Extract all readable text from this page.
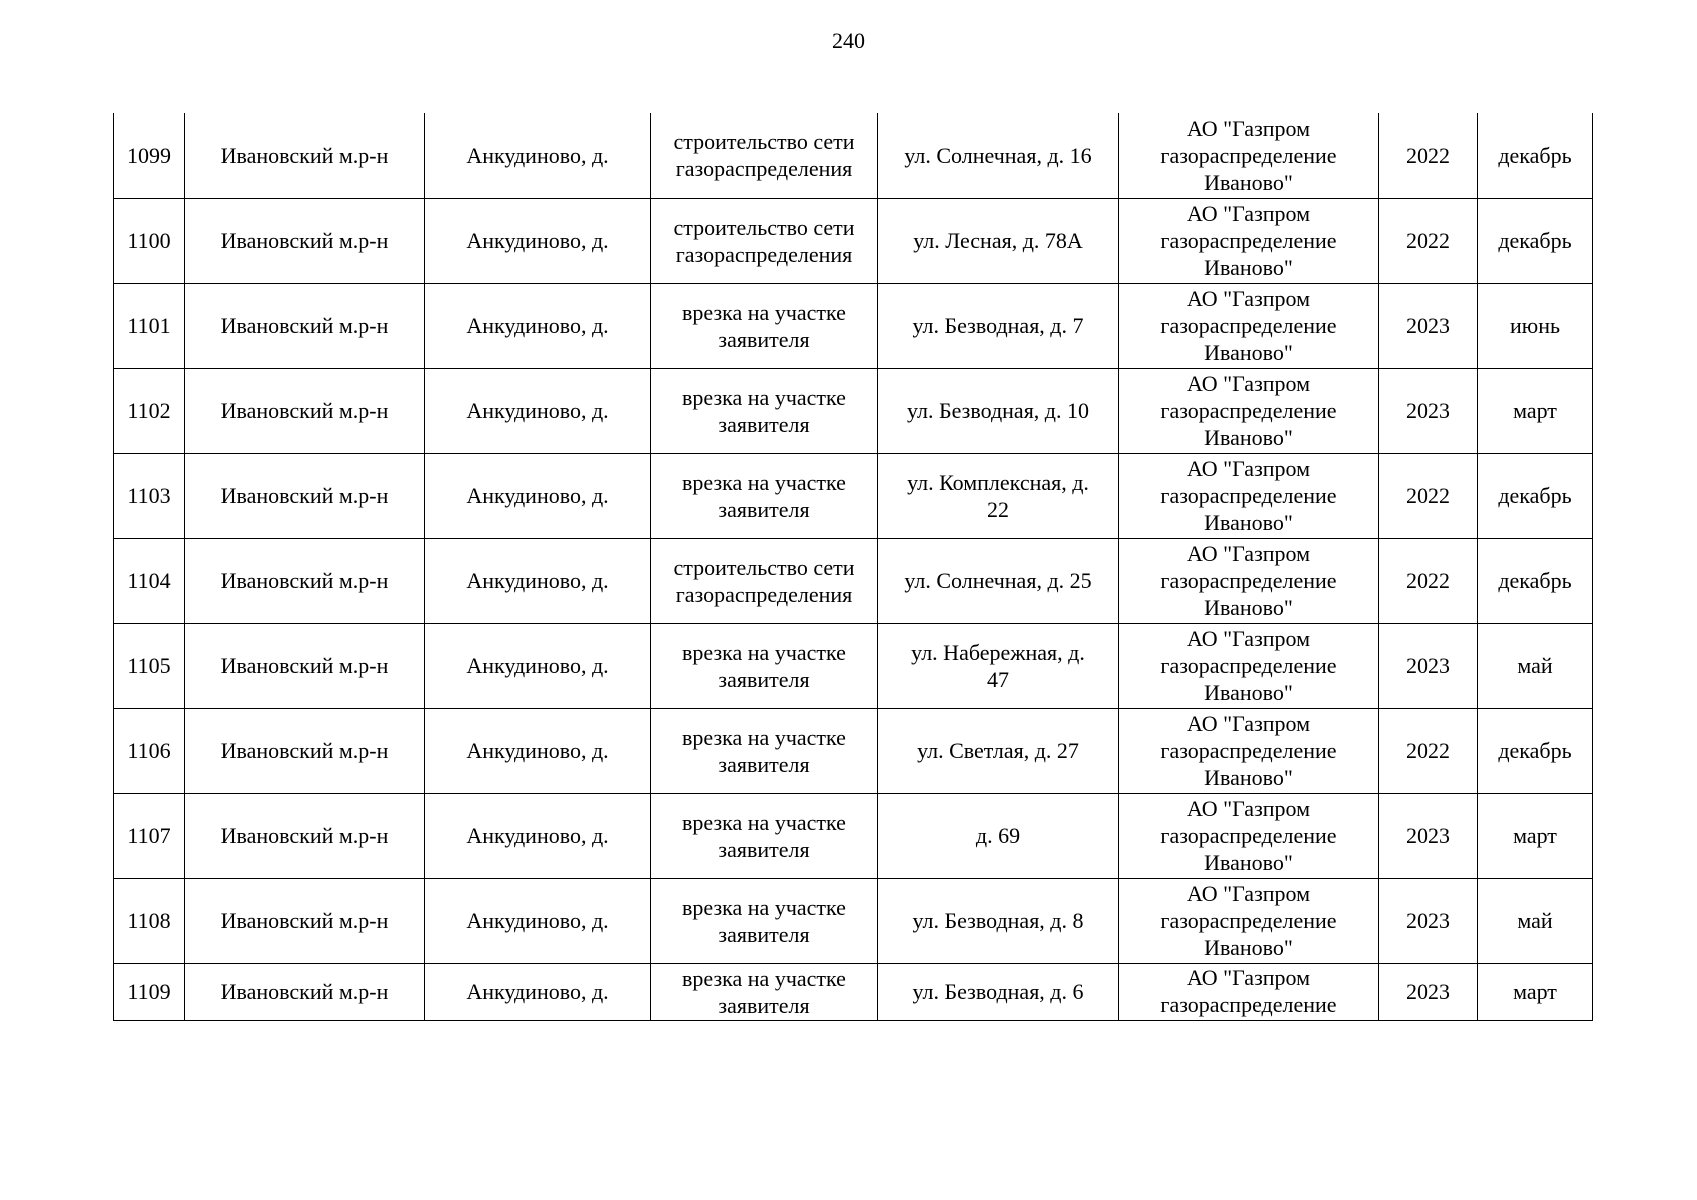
240
1099	Ивановский м.р-н	Анкудиново, д.	строительство сети
газораспределения	ул. Солнечная, д. 16	АО "Газпром
газораспределение
Иваново"	2022	декабрь

1100	Ивановский м.р-н	Анкудиново, д.	строительство сети
газораспределения	ул. Лесная, д. 78А	АО "Газпром
газораспределение
Иваново"	2022	декабрь

1101	Ивановский м.р-н	Анкудиново, д.	врезка на участке
заявителя	ул. Безводная, д. 7	АО "Газпром
газораспределение
Иваново"	2023	июнь

1102	Ивановский м.р-н	Анкудиново, д.	врезка на участке
заявителя	ул. Безводная, д. 10	АО "Газпром
газораспределение
Иваново"	2023	март

1103	Ивановский м.р-н	Анкудиново, д.	врезка на участке
заявителя	ул. Комплексная, д.
22	АО "Газпром
газораспределение
Иваново"	2022	декабрь

1104	Ивановский м.р-н	Анкудиново, д.	строительство сети
газораспределения	ул. Солнечная, д. 25	АО "Газпром
газораспределение
Иваново"	2022	декабрь

1105	Ивановский м.р-н	Анкудиново, д.	врезка на участке
заявителя	ул. Набережная, д.
47	АО "Газпром
газораспределение
Иваново"	2023	май

1106	Ивановский м.р-н	Анкудиново, д.	врезка на участке
заявителя	ул. Светлая, д. 27	АО "Газпром
газораспределение
Иваново"	2022	декабрь

1107	Ивановский м.р-н	Анкудиново, д.	врезка на участке
заявителя	д. 69	АО "Газпром
газораспределение
Иваново"	2023	март

1108	Ивановский м.р-н	Анкудиново, д.	врезка на участке
заявителя	ул. Безводная, д. 8	АО "Газпром
газораспределение
Иваново"	2023	май

1109	Ивановский м.р-н	Анкудиново, д.	врезка на участке
заявителя	ул. Безводная, д. 6	АО "Газпром
газораспределение	2023	март
